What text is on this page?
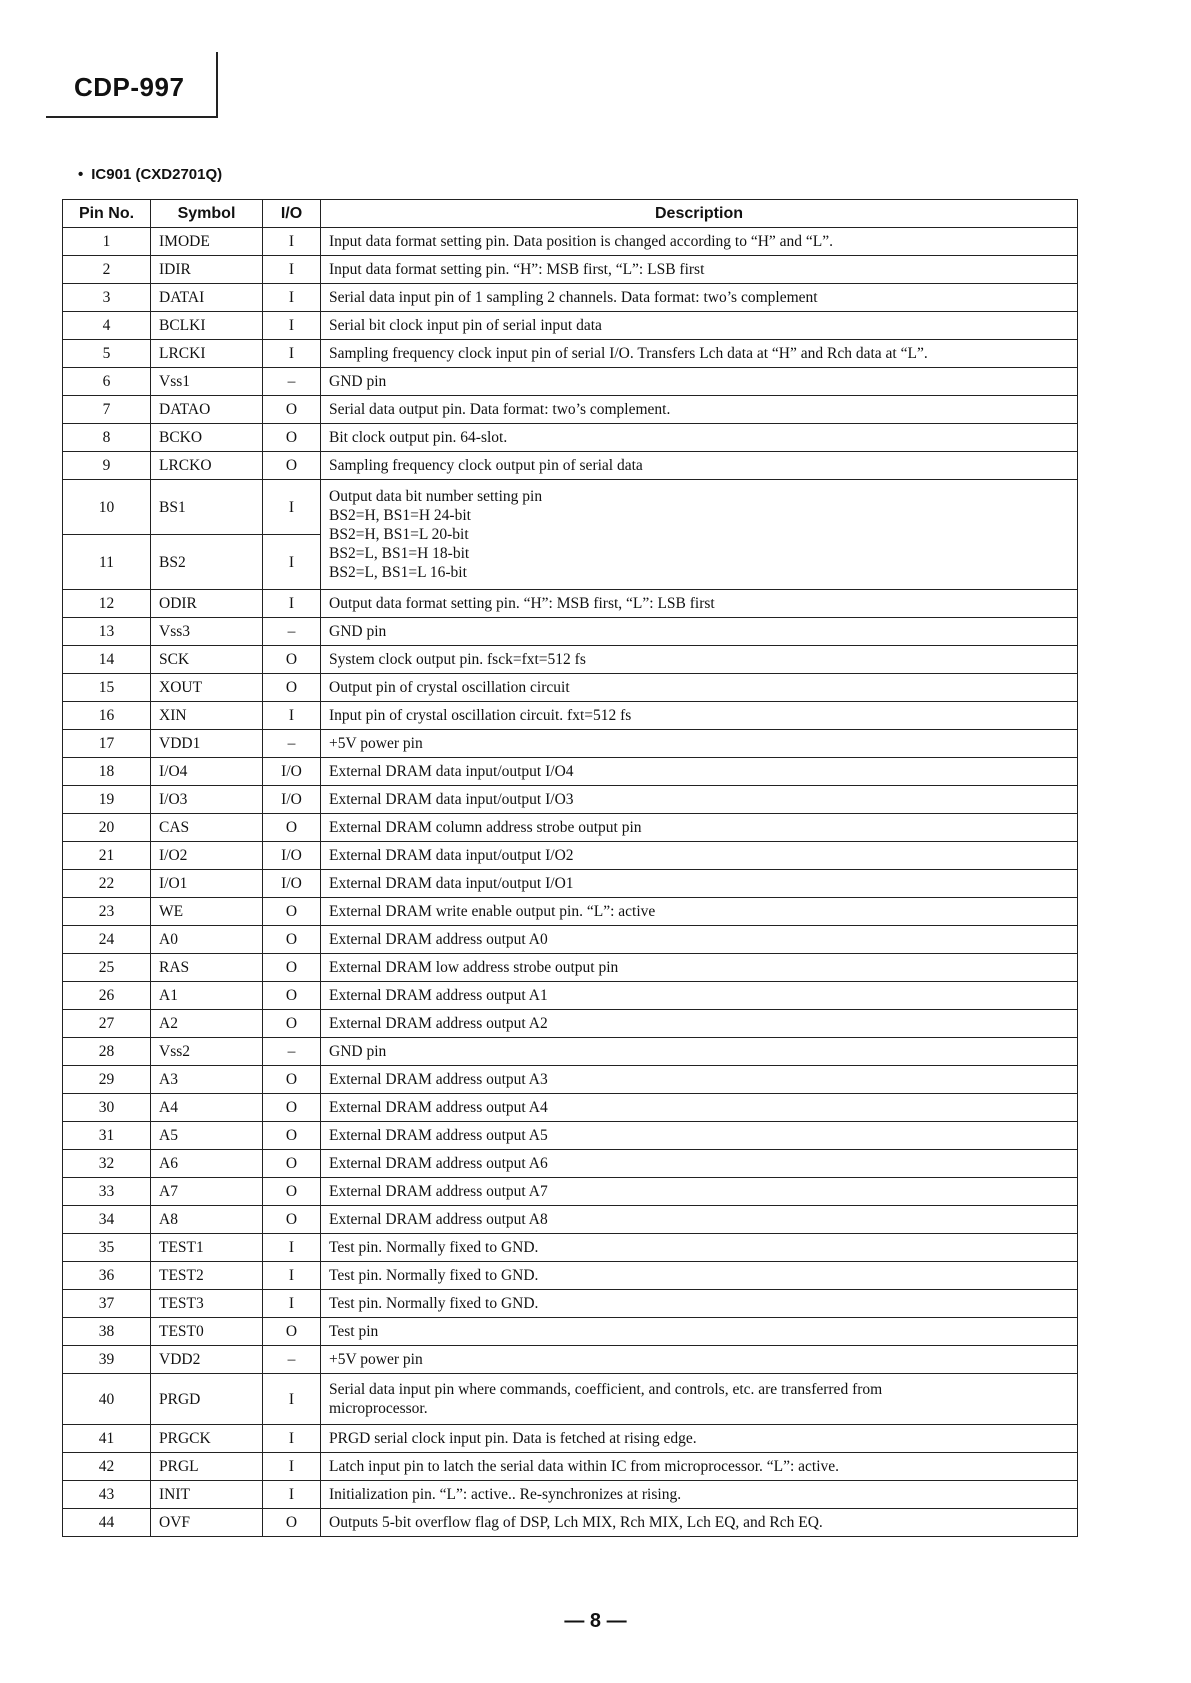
CDP-997
• IC901 (CXD2701Q)
Pin No.	Symbol	I/O	Description
1	IMODE	I	Input data format setting pin. Data position is changed according to “H” and “L”.
2	IDIR	I	Input data format setting pin. “H”: MSB first, “L”: LSB first
3	DATAI	I	Serial data input pin of 1 sampling 2 channels. Data format: two’s complement
4	BCLKI	I	Serial bit clock input pin of serial input data
5	LRCKI	I	Sampling frequency clock input pin of serial I/O. Transfers Lch data at “H” and Rch data at “L”.
6	Vss1	–	GND pin
7	DATAO	O	Serial data output pin. Data format: two’s complement.
8	BCKO	O	Bit clock output pin. 64-slot.
9	LRCKO	O	Sampling frequency clock output pin of serial data
10	BS1	I	Output data bit number setting pin
BS2=H, BS1=H 24-bit
BS2=H, BS1=L 20-bit
BS2=L, BS1=H 18-bit
BS2=L, BS1=L 16-bit

11	BS2	I	
12	ODIR	I	Output data format setting pin. “H”: MSB first, “L”: LSB first
13	Vss3	–	GND pin
14	SCK	O	System clock output pin. fsck=fxt=512 fs
15	XOUT	O	Output pin of crystal oscillation circuit
16	XIN	I	Input pin of crystal oscillation circuit. fxt=512 fs
17	VDD1	–	+5V power pin
18	I/O4	I/O	External DRAM data input/output I/O4
19	I/O3	I/O	External DRAM data input/output I/O3
20	CAS	O	External DRAM column address strobe output pin
21	I/O2	I/O	External DRAM data input/output I/O2
22	I/O1	I/O	External DRAM data input/output I/O1
23	WE	O	External DRAM write enable output pin. “L”: active
24	A0	O	External DRAM address output A0
25	RAS	O	External DRAM low address strobe output pin
26	A1	O	External DRAM address output A1
27	A2	O	External DRAM address output A2
28	Vss2	–	GND pin
29	A3	O	External DRAM address output A3
30	A4	O	External DRAM address output A4
31	A5	O	External DRAM address output A5
32	A6	O	External DRAM address output A6
33	A7	O	External DRAM address output A7
34	A8	O	External DRAM address output A8
35	TEST1	I	Test pin. Normally fixed to GND.
36	TEST2	I	Test pin. Normally fixed to GND.
37	TEST3	I	Test pin. Normally fixed to GND.
38	TEST0	O	Test pin
39	VDD2	–	+5V power pin
40	PRGD	I	Serial data input pin where commands, coefficient, and controls, etc. are transferred from
microprocessor.

41	PRGCK	I	PRGD serial clock input pin. Data is fetched at rising edge.
42	PRGL	I	Latch input pin to latch the serial data within IC from microprocessor. “L”: active.
43	INIT	I	Initialization pin. “L”: active.. Re-synchronizes at rising.
44	OVF	O	Outputs 5-bit overflow flag of DSP, Lch MIX, Rch MIX, Lch EQ, and Rch EQ.
— 8 —
